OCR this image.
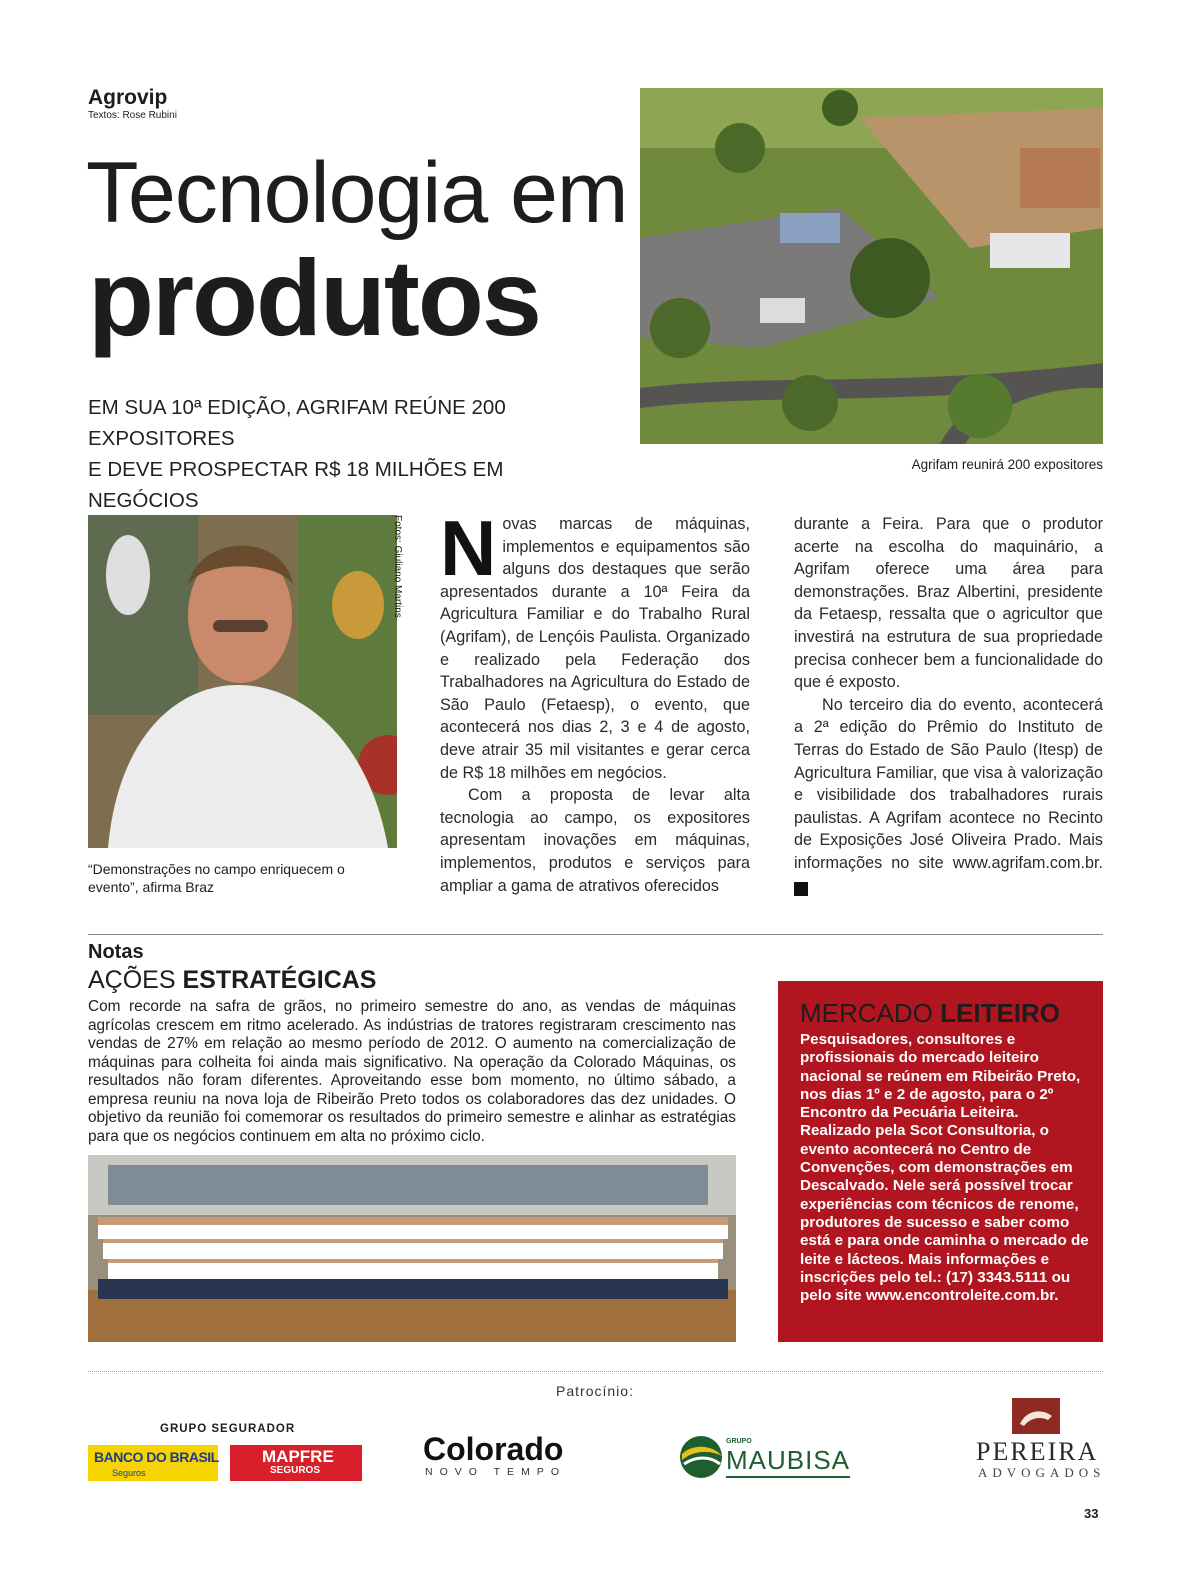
Agrovip
Textos: Rose Rubini
Tecnologia em
produtos
EM SUA 10ª EDIÇÃO, AGRIFAM REÚNE 200 EXPOSITORES
E DEVE PROSPECTAR R$ 18 MILHÕES EM NEGÓCIOS
Agrifam reunirá 200 expositores
Fotos: Giuliano Martins
“Demonstrações no campo enriquecem o evento”, afirma Braz
N ovas marcas de máquinas, implementos e equipamentos são alguns dos destaques que serão apresentados durante a 10ª Feira da Agricultura Familiar e do Trabalho Rural (Agrifam), de Lençóis Paulista. Organizado e realizado pela Federação dos Trabalhadores na Agricultura do Estado de São Paulo (Fetaesp), o evento, que acontecerá nos dias 2, 3 e 4 de agosto, deve atrair 35 mil visitantes e gerar cerca de R$ 18 milhões em negócios.

Com a proposta de levar alta tecnologia ao campo, os expositores apresentam inovações em máquinas, implementos, produtos e serviços para ampliar a gama de atrativos oferecidos

durante a Feira. Para que o produtor acerte na escolha do maquinário, a Agrifam oferece uma área para demonstrações. Braz Albertini, presidente da Fetaesp, ressalta que o agricultor que investirá na estrutura de sua propriedade precisa conhecer bem a funcionalidade do que é exposto.

No terceiro dia do evento, acontecerá a 2ª edição do Prêmio do Instituto de Terras do Estado de São Paulo (Itesp) de Agricultura Familiar, que visa à valorização e visibilidade dos trabalhadores rurais paulistas. A Agrifam acontece no Recinto de Exposições José Oliveira Prado. Mais informações no site www.agrifam.com.br. r

Notas
AÇÕES ESTRATÉGICAS
Com recorde na safra de grãos, no primeiro semestre do ano, as vendas de máquinas agrícolas crescem em ritmo acelerado. As indústrias de tratores registraram crescimento nas vendas de 27% em relação ao mesmo período de 2012. O aumento na comercialização de máquinas para colheita foi ainda mais significativo. Na operação da Colorado Máquinas, os resultados não foram diferentes. Aproveitando esse bom momento, no último sábado, a empresa reuniu na nova loja de Ribeirão Preto todos os colaboradores das dez unidades. O objetivo da reunião foi comemorar os resultados do primeiro semestre e alinhar as estratégias para que os negócios continuem em alta no próximo ciclo.
MERCADO LEITEIRO
Pesquisadores, consultores e profissionais do mercado leiteiro nacional se reúnem em Ribeirão Preto, nos dias 1º e 2 de agosto, para o 2º Encontro da Pecuária Leiteira. Realizado pela Scot Consultoria, o evento acontecerá no Centro de Convenções, com demonstrações em Descalvado. Nele será possível trocar experiências com técnicos de renome, produtores de sucesso e saber como está e para onde caminha o mercado de leite e lácteos. Mais informações e inscrições pelo tel.: (17) 3343.5111 ou pelo site www.encontroleite.com.br.
Patrocínio:
GRUPO SEGURADOR
BANCO DO BRASIL
Seguros
MAPFRE
SEGUROS
Colorado
NOVO TEMPO
GRUPO
MAUBISA	PEREIRA
ADVOGADOS
33
